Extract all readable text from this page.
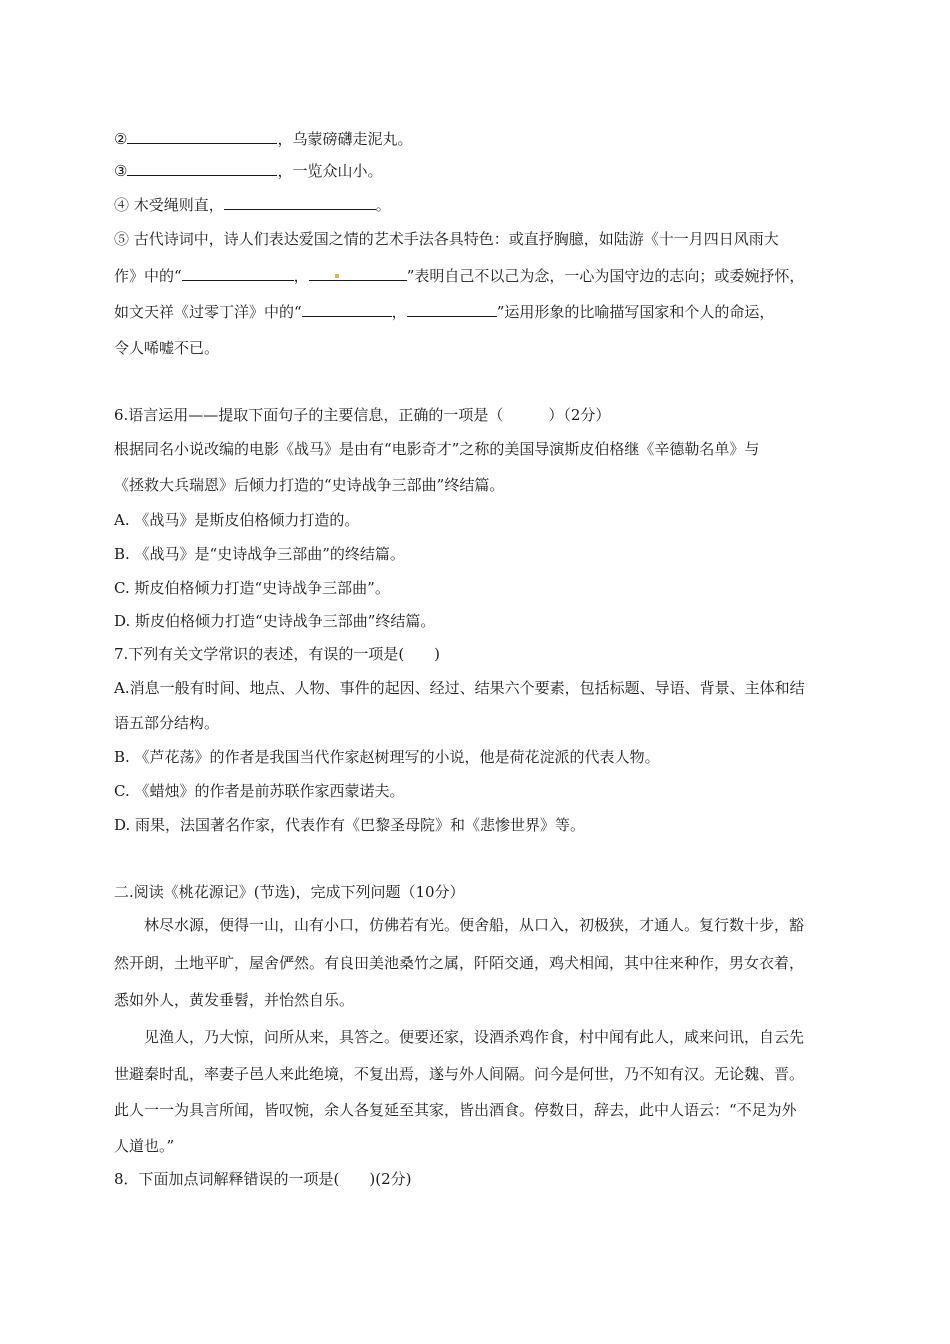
②	，乌蒙磅礴走泥丸。
③	，一览众山小。
④ 木受绳则直，	。
⑤ 古代诗词中，诗人们表达爱国之情的艺术手法各具特色：或直抒胸臆，如陆游《十一月四日风雨大
作》中的“	，	”表明自己不以己为念，一心为国守边的志向；或委婉抒怀，
如文天祥《过零丁洋》中的“	，	”运用形象的比喻描写国家和个人的命运，
令人唏嘘不已。
6.语言运用——提取下面句子的主要信息，正确的一项是（　　　）（2分）
根据同名小说改编的电影《战马》是由有“电影奇才”之称的美国导演斯皮伯格继《辛德勒名单》与
《拯救大兵瑞恩》后倾力打造的“史诗战争三部曲”终结篇。
A. 《战马》是斯皮伯格倾力打造的。
B. 《战马》是“史诗战争三部曲”的终结篇。
C. 斯皮伯格倾力打造“史诗战争三部曲”。
D. 斯皮伯格倾力打造“史诗战争三部曲”终结篇。
7.下列有关文学常识的表述，有误的一项是(　　)
A.消息一般有时间、地点、人物、事件的起因、经过、结果六个要素，包括标题、导语、背景、主体和结
语五部分结构。
B. 《芦花荡》的作者是我国当代作家赵树理写的小说，他是荷花淀派的代表人物。
C. 《蜡烛》的作者是前苏联作家西蒙诺夫。
D. 雨果，法国著名作家，代表作有《巴黎圣母院》和《悲惨世界》等。
二.阅读《桃花源记》(节选)，完成下列问题（10分）
林尽水源，便得一山，山有小口，仿佛若有光。便舍船，从口入，初极狭，才通人。复行数十步，豁
然开朗，土地平旷，屋舍俨然。有良田美池桑竹之属，阡陌交通，鸡犬相闻，其中往来种作，男女衣着，
悉如外人，黄发垂髫，并怡然自乐。
见渔人，乃大惊，问所从来，具答之。便要还家，设酒杀鸡作食，村中闻有此人，咸来问讯，自云先
世避秦时乱，率妻子邑人来此绝境，不复出焉，遂与外人间隔。问今是何世，乃不知有汉。无论魏、晋。
此人一一为具言所闻，皆叹惋，余人各复延至其家，皆出酒食。停数日，辞去，此中人语云：“不足为外
人道也。”
8．下面加点词解释错误的一项是(　　)(2分)
